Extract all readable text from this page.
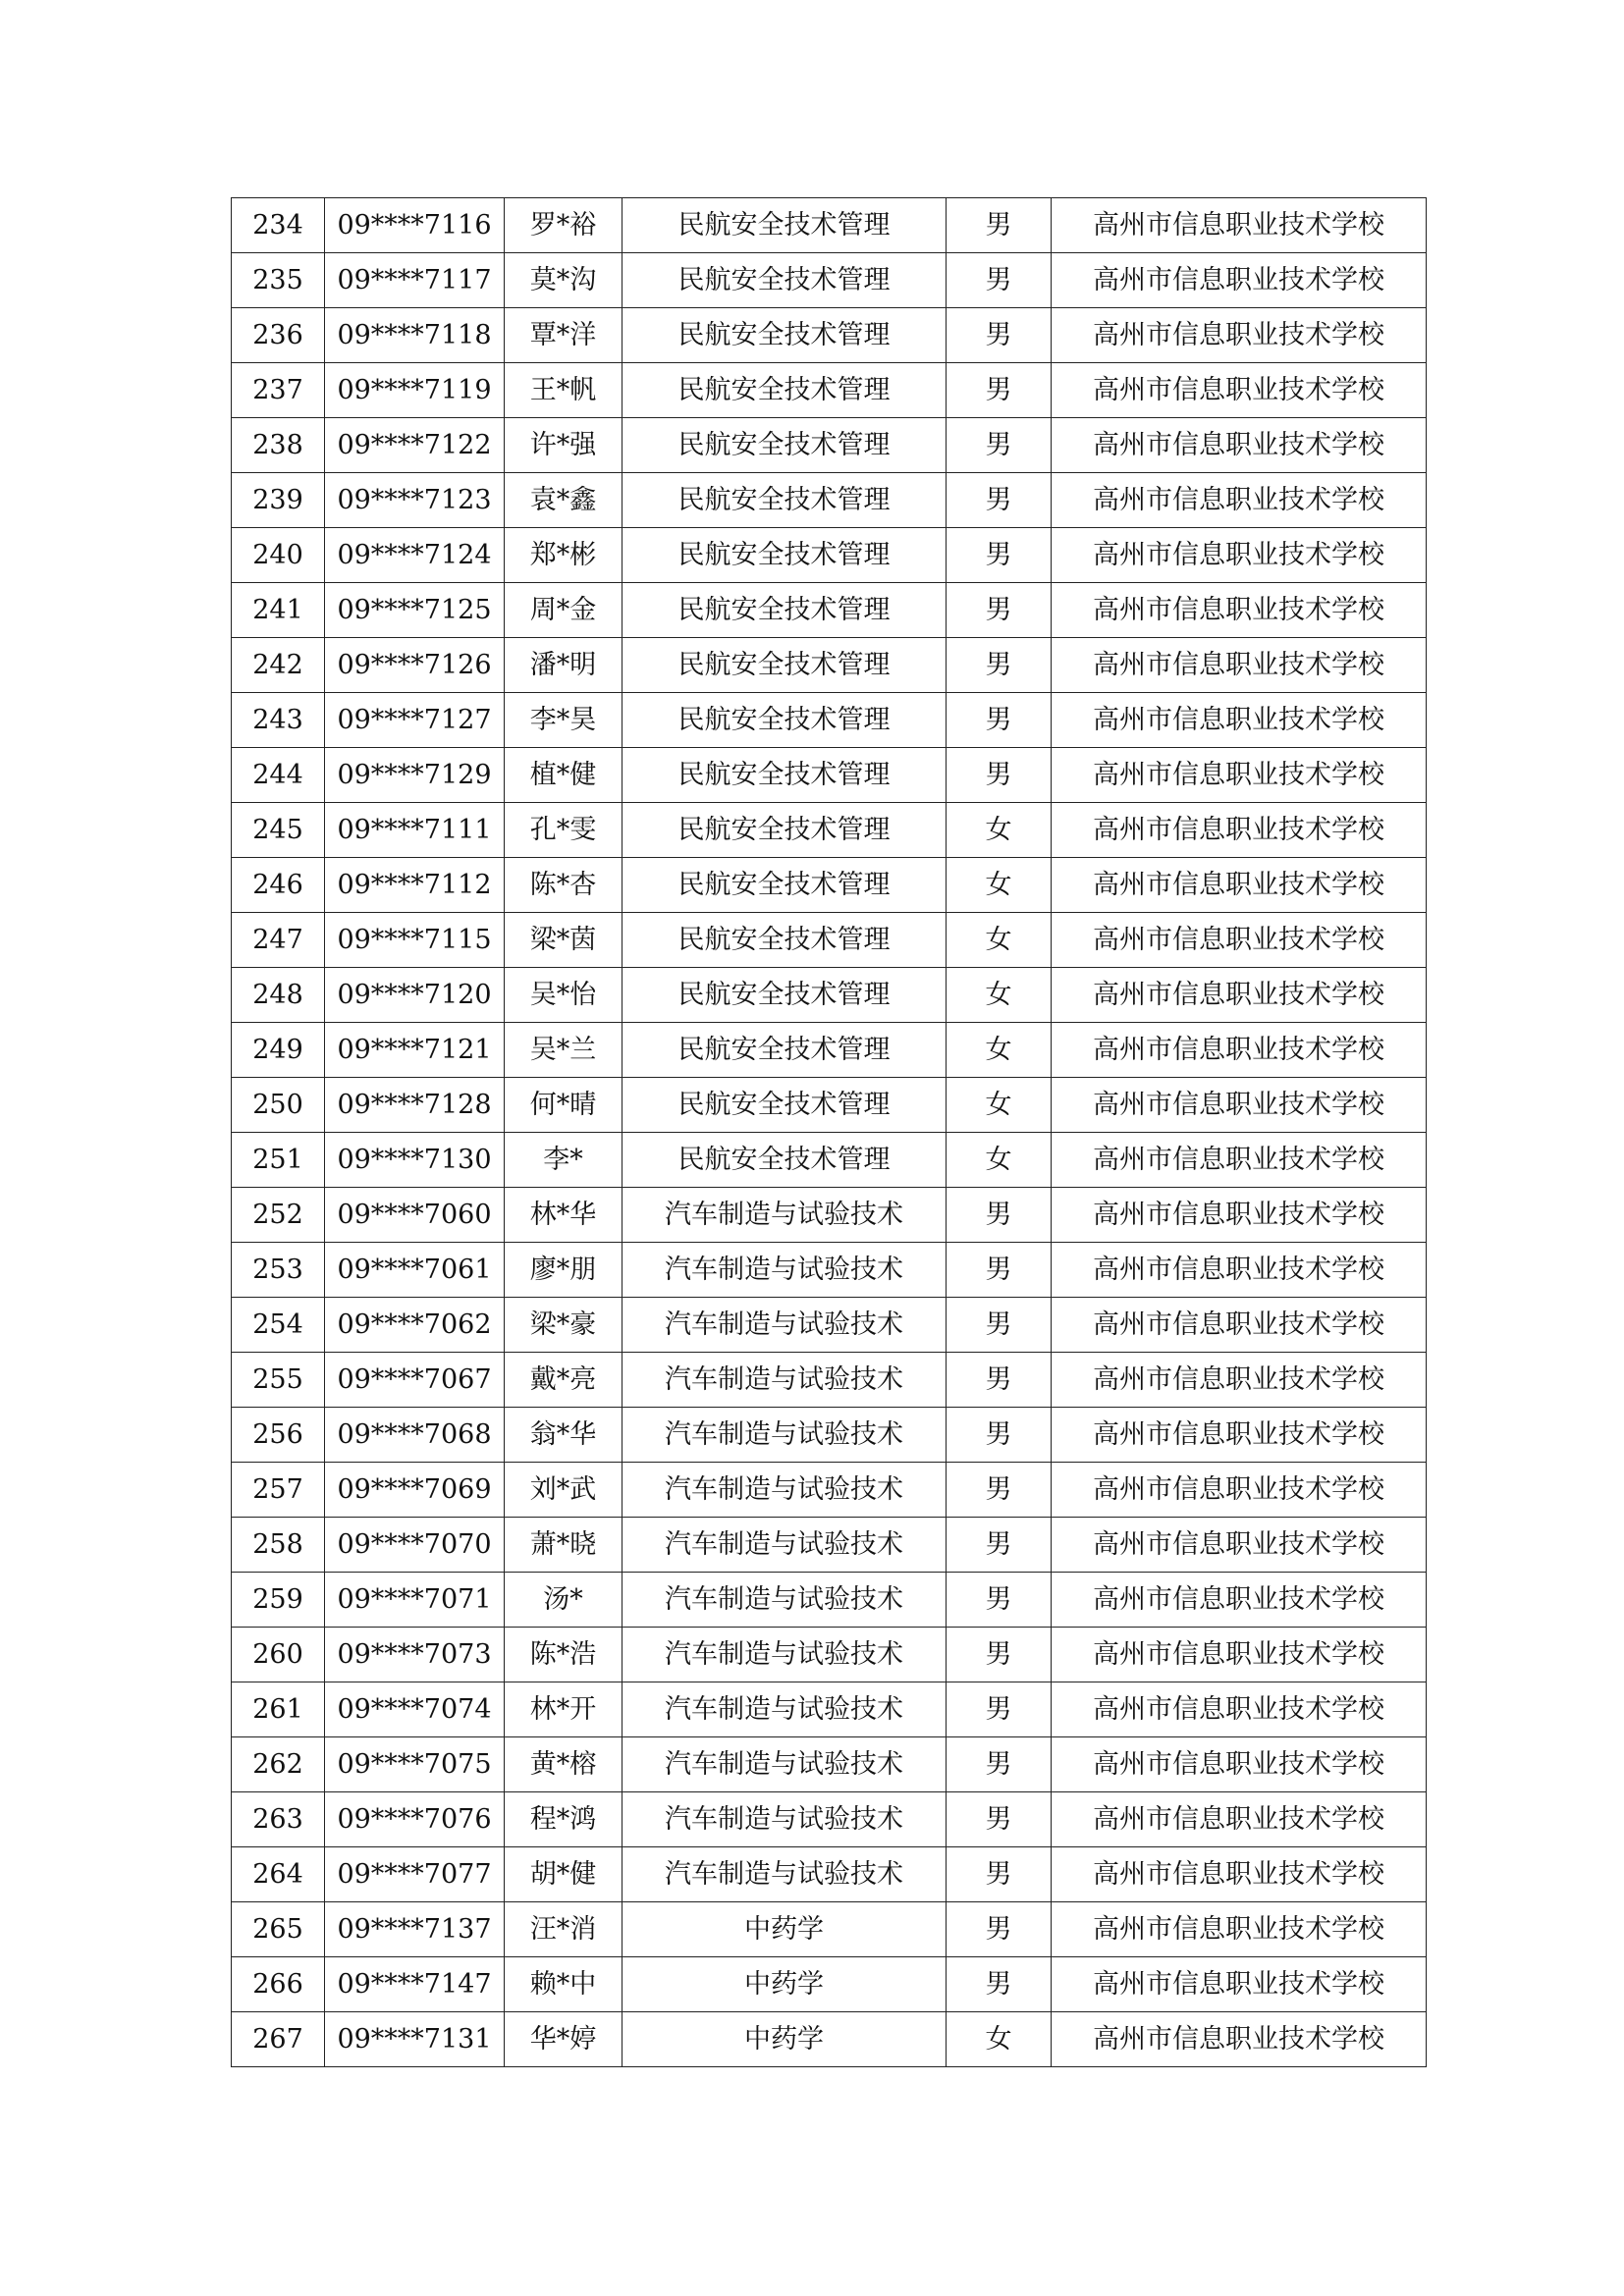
234	09****7116	罗*裕	民航安全技术管理	男	高州市信息职业技术学校
235	09****7117	莫*沟	民航安全技术管理	男	高州市信息职业技术学校
236	09****7118	覃*洋	民航安全技术管理	男	高州市信息职业技术学校
237	09****7119	王*帆	民航安全技术管理	男	高州市信息职业技术学校
238	09****7122	许*强	民航安全技术管理	男	高州市信息职业技术学校
239	09****7123	袁*鑫	民航安全技术管理	男	高州市信息职业技术学校
240	09****7124	郑*彬	民航安全技术管理	男	高州市信息职业技术学校
241	09****7125	周*金	民航安全技术管理	男	高州市信息职业技术学校
242	09****7126	潘*明	民航安全技术管理	男	高州市信息职业技术学校
243	09****7127	李*昊	民航安全技术管理	男	高州市信息职业技术学校
244	09****7129	植*健	民航安全技术管理	男	高州市信息职业技术学校
245	09****7111	孔*雯	民航安全技术管理	女	高州市信息职业技术学校
246	09****7112	陈*杏	民航安全技术管理	女	高州市信息职业技术学校
247	09****7115	梁*茵	民航安全技术管理	女	高州市信息职业技术学校
248	09****7120	吴*怡	民航安全技术管理	女	高州市信息职业技术学校
249	09****7121	吴*兰	民航安全技术管理	女	高州市信息职业技术学校
250	09****7128	何*晴	民航安全技术管理	女	高州市信息职业技术学校
251	09****7130	李*	民航安全技术管理	女	高州市信息职业技术学校
252	09****7060	林*华	汽车制造与试验技术	男	高州市信息职业技术学校
253	09****7061	廖*朋	汽车制造与试验技术	男	高州市信息职业技术学校
254	09****7062	梁*豪	汽车制造与试验技术	男	高州市信息职业技术学校
255	09****7067	戴*亮	汽车制造与试验技术	男	高州市信息职业技术学校
256	09****7068	翁*华	汽车制造与试验技术	男	高州市信息职业技术学校
257	09****7069	刘*武	汽车制造与试验技术	男	高州市信息职业技术学校
258	09****7070	萧*晓	汽车制造与试验技术	男	高州市信息职业技术学校
259	09****7071	汤*	汽车制造与试验技术	男	高州市信息职业技术学校
260	09****7073	陈*浩	汽车制造与试验技术	男	高州市信息职业技术学校
261	09****7074	林*开	汽车制造与试验技术	男	高州市信息职业技术学校
262	09****7075	黄*榕	汽车制造与试验技术	男	高州市信息职业技术学校
263	09****7076	程*鸿	汽车制造与试验技术	男	高州市信息职业技术学校
264	09****7077	胡*健	汽车制造与试验技术	男	高州市信息职业技术学校
265	09****7137	汪*消	中药学	男	高州市信息职业技术学校
266	09****7147	赖*中	中药学	男	高州市信息职业技术学校
267	09****7131	华*婷	中药学	女	高州市信息职业技术学校
